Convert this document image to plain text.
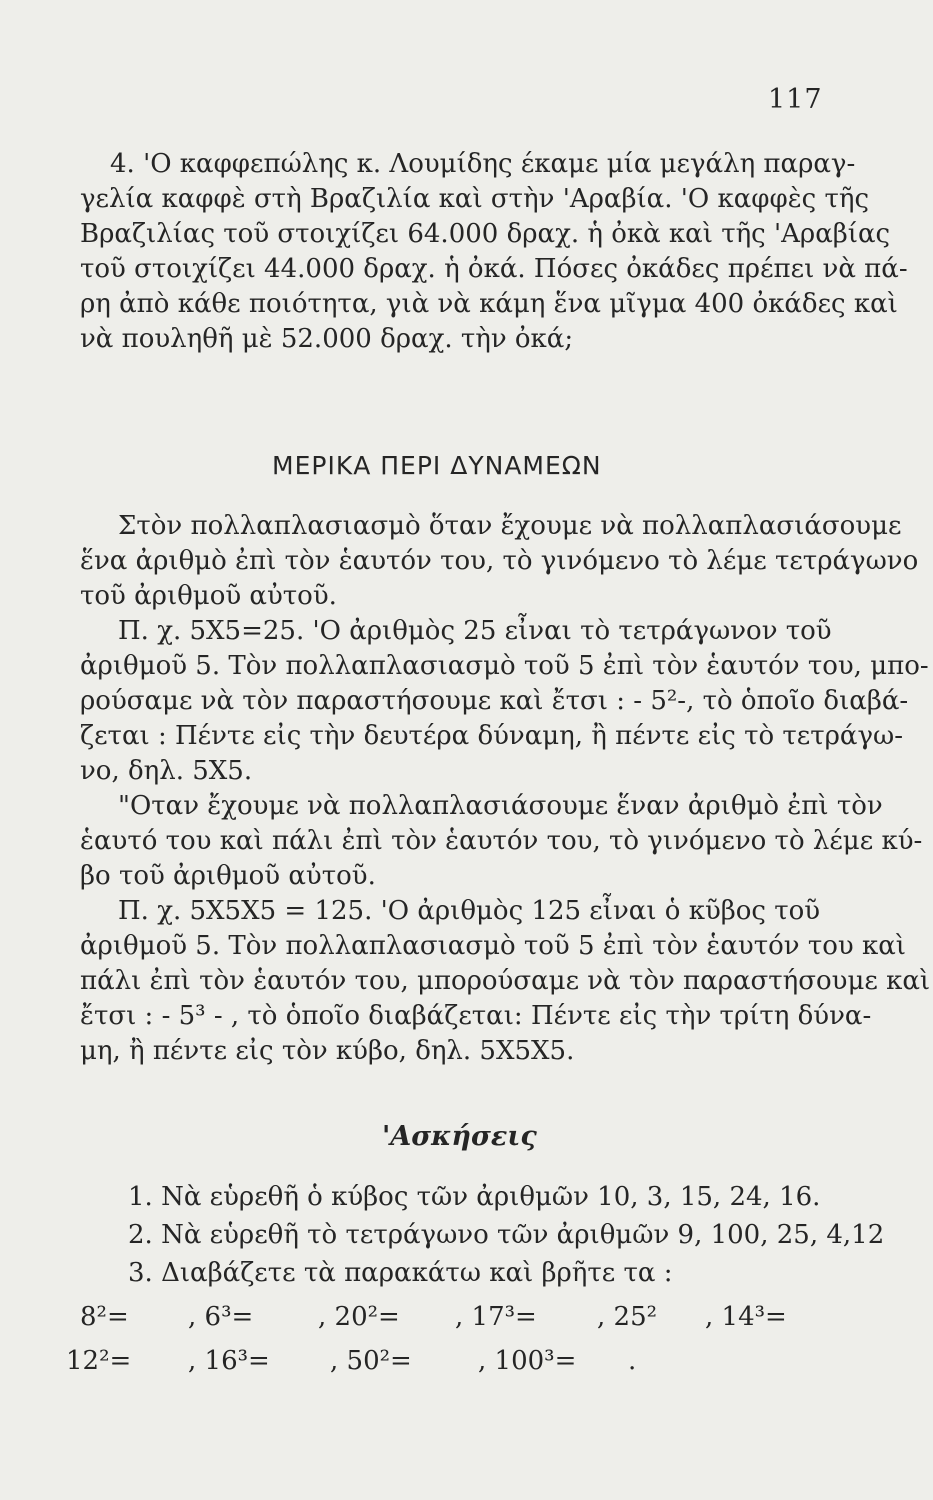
117
4. 'Ο καφφεπώλης κ. Λουμίδης έκαμε μία μεγάλη παραγ-
γελία καφφὲ στὴ Βραζιλία καὶ στὴν 'Αραβία. 'Ο καφφὲς τῆς
Βραζιλίας τοῦ στοιχίζει 64.000 δραχ. ἡ ὀκὰ καὶ τῆς 'Αραβίας
τοῦ στοιχίζει 44.000 δραχ. ἡ ὀκά. Πόσες ὀκάδες πρέπει νὰ πά-
ρη ἀπὸ κάθε ποιότητα, γιὰ νὰ κάμη ἕνα μῖγμα 400 ὀκάδες καὶ
νὰ πουληθῆ μὲ 52.000 δραχ. τὴν ὀκά;
ΜΕΡΙΚΑ ΠΕΡΙ ΔΥΝΑΜΕΩΝ
Στὸν πολλαπλασιασμὸ ὅταν ἔχουμε νὰ πολλαπλασιάσουμε
ἕνα ἀριθμὸ ἐπὶ τὸν ἑαυτόν του, τὸ γινόμενο τὸ λέμε τετράγωνο
τοῦ ἀριθμοῦ αὐτοῦ.
Π. χ. 5Χ5=25. 'Ο ἀριθμὸς 25 εἶναι τὸ τετράγωνον τοῦ
ἀριθμοῦ 5. Τὸν πολλαπλασιασμὸ τοῦ 5 ἐπὶ τὸν ἑαυτόν του, μπο-
ρούσαμε νὰ τὸν παραστήσουμε καὶ ἔτσι : - 5²-, τὸ ὁποῖο διαβά-
ζεται : Πέντε εἰς τὴν δευτέρα δύναμη, ἢ πέντε εἰς τὸ τετράγω-
νο, δηλ. 5Χ5.
"Οταν ἔχουμε νὰ πολλαπλασιάσουμε ἕναν ἀριθμὸ ἐπὶ τὸν
ἑαυτό του καὶ πάλι ἐπὶ τὸν ἑαυτόν του, τὸ γινόμενο τὸ λέμε κύ-
βο τοῦ ἀριθμοῦ αὐτοῦ.
Π. χ. 5Χ5Χ5 = 125. 'Ο ἀριθμὸς 125 εἶναι ὁ κῦβος τοῦ
ἀριθμοῦ 5. Τὸν πολλαπλασιασμὸ τοῦ 5 ἐπὶ τὸν ἑαυτόν του καὶ
πάλι ἐπὶ τὸν ἑαυτόν του, μπορούσαμε νὰ τὸν παραστήσουμε καὶ
ἔτσι : - 5³ - , τὸ ὁποῖο διαβάζεται: Πέντε εἰς τὴν τρίτη δύνα-
μη, ἢ πέντε εἰς τὸν κύβο, δηλ. 5Χ5Χ5.
'Ασκήσεις
1. Νὰ εὑρεθῆ ὁ κύβος τῶν ἀριθμῶν 10, 3, 15, 24, 16.
2. Νὰ εὑρεθῆ τὸ τετράγωνο τῶν ἀριθμῶν 9, 100, 25, 4,12
3. Διαβάζετε τὰ παρακάτω καὶ βρῆτε τα :
8²= , 6³= , 20²= , 17³= , 25² , 14³=
12²= , 16³= , 50²=	, 100³= .
